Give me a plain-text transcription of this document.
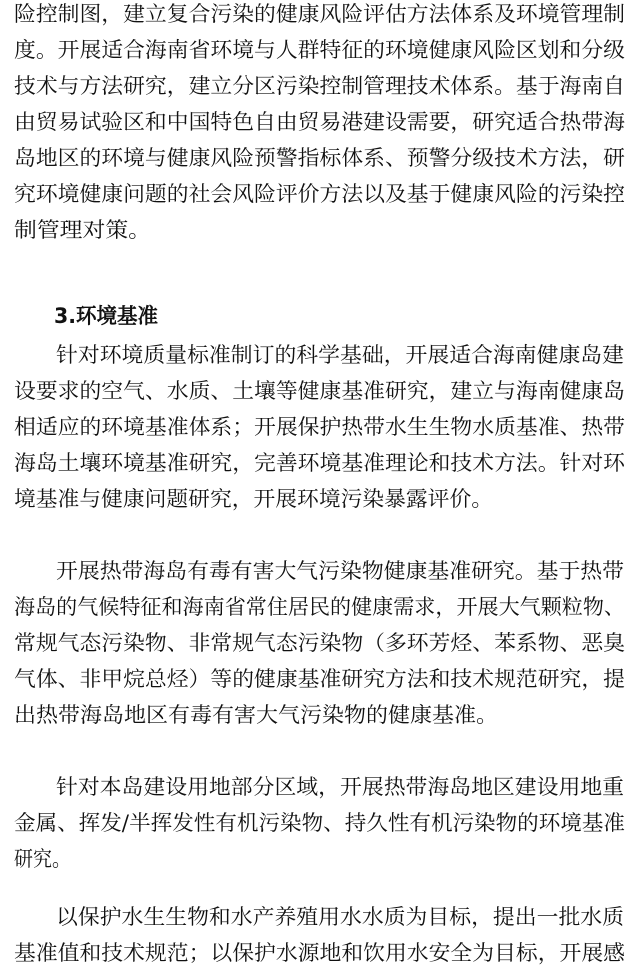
险控制图，建立复合污染的健康风险评估方法体系及环境管理制
度。开展适合海南省环境与人群特征的环境健康风险区划和分级
技术与方法研究，建立分区污染控制管理技术体系。基于海南自
由贸易试验区和中国特色自由贸易港建设需要，研究适合热带海
岛地区的环境与健康风险预警指标体系、预警分级技术方法，研
究环境健康问题的社会风险评价方法以及基于健康风险的污染控
制管理对策。
3.环境基准
针对环境质量标准制订的科学基础，开展适合海南健康岛建
设要求的空气、水质、土壤等健康基准研究，建立与海南健康岛
相适应的环境基准体系；开展保护热带水生生物水质基准、热带
海岛土壤环境基准研究，完善环境基准理论和技术方法。针对环
境基准与健康问题研究，开展环境污染暴露评价。
开展热带海岛有毒有害大气污染物健康基准研究。基于热带
海岛的气候特征和海南省常住居民的健康需求，开展大气颗粒物、
常规气态污染物、非常规气态污染物（多环芳烃、苯系物、恶臭
气体、非甲烷总烃）等的健康基准研究方法和技术规范研究，提
出热带海岛地区有毒有害大气污染物的健康基准。
针对本岛建设用地部分区域，开展热带海岛地区建设用地重
金属、挥发/半挥发性有机污染物、持久性有机污染物的环境基准
研究。
以保护水生生物和水产养殖用水水质为目标，提出一批水质
基准值和技术规范；以保护水源地和饮用水安全为目标，开展感
